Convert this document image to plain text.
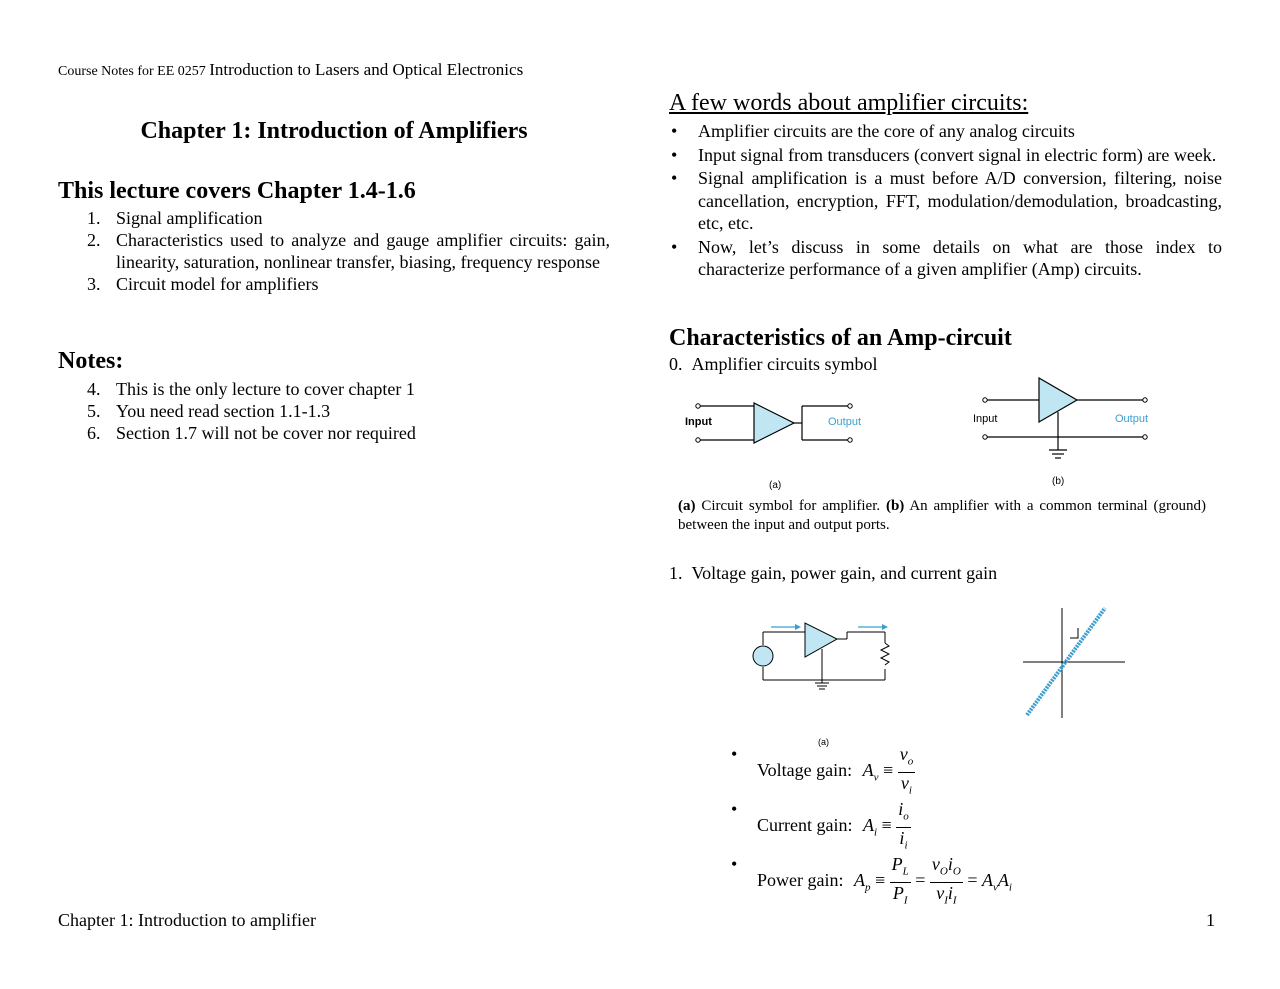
Course Notes for EE 0257 Introduction to Lasers and Optical Electronics
Chapter 1: Introduction of Amplifiers
This lecture covers Chapter 1.4-1.6
1. Signal amplification
2. Characteristics used to analyze and gauge amplifier circuits: gain, linearity, saturation, nonlinear transfer, biasing, frequency response
3. Circuit model for amplifiers
Notes:
4. This is the only lecture to cover chapter 1
5. You need read section 1.1-1.3
6. Section 1.7 will not be cover nor required
A few words about amplifier circuits:
• Amplifier circuits are the core of any analog circuits
• Input signal from transducers (convert signal in electric form) are week.
• Signal amplification is a must before A/D conversion, filtering, noise cancellation, encryption, FFT, modulation/demodulation, broadcasting, etc, etc.
• Now, let’s discuss in some details on what are those index to characterize performance of a given amplifier (Amp) circuits.
Characteristics of an Amp-circuit
0.  Amplifier circuits symbol
Input	Output
(a)
Input	Output
(b)
(a) Circuit symbol for amplifier. (b) An amplifier with a common terminal (ground) between the input and output ports.
1.  Voltage gain, power gain, and current gain
(a)
•
Voltage gain: $A_v \equiv \frac{v_o}{v_i}$
•
Current gain: $A_i \equiv \frac{i_o}{i_i}$
•
Power gain: $A_p \equiv \frac{P_L}{P_I} = \frac{v_Oi_O}{v_Ii_I} = A_vA_i$
Chapter 1: Introduction to amplifier	1
